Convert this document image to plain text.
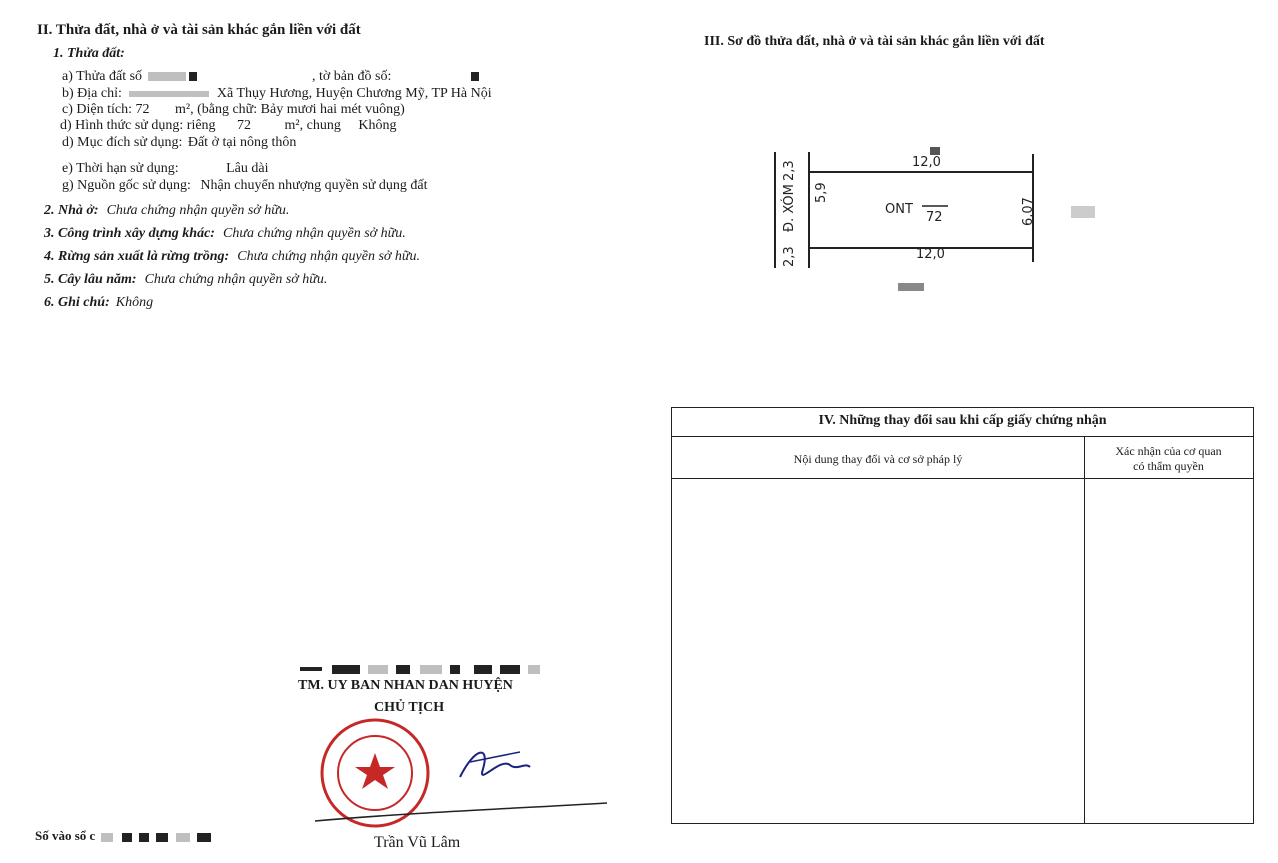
II. Thửa đất, nhà ở và tài sản khác gắn liền với đất
1. Thửa đất:
a) Thửa đất số	, tờ bản đồ số:
b) Địa chỉ:	Xã Thụy Hương, Huyện Chương Mỹ, TP Hà Nội
c) Diện tích: 72 m², (bằng chữ: Bảy mươi hai mét vuông)
d) Hình thức sử dụng: riêng 72 m², chung Không
d) Mục đích sử dụng: Đất ở tại nông thôn
e) Thời hạn sử dụng:	Lâu dài
g) Nguồn gốc sử dụng: Nhận chuyển nhượng quyền sử dụng đất
2. Nhà ở: Chưa chứng nhận quyền sở hữu.
3. Công trình xây dựng khác: Chưa chứng nhận quyền sở hữu.
4. Rừng sản xuất là rừng trồng: Chưa chứng nhận quyền sở hữu.
5. Cây lâu năm: Chưa chứng nhận quyền sở hữu.
6. Ghi chú: Không
III. Sơ đồ thửa đất, nhà ở và tài sản khác gắn liền với đất
12,0
12,0
5,9
6,07
2,3
Đ. XÓM
2,3
ONT
72
IV. Những thay đổi sau khi cấp giấy chứng nhận
Nội dung thay đổi và cơ sở pháp lý
Xác nhận của cơ quan
có thẩm quyền

TM. UY BAN NHAN DAN HUYỆN
CHỦ TỊCH
Trần Vũ Lâm
Số vào sổ c
